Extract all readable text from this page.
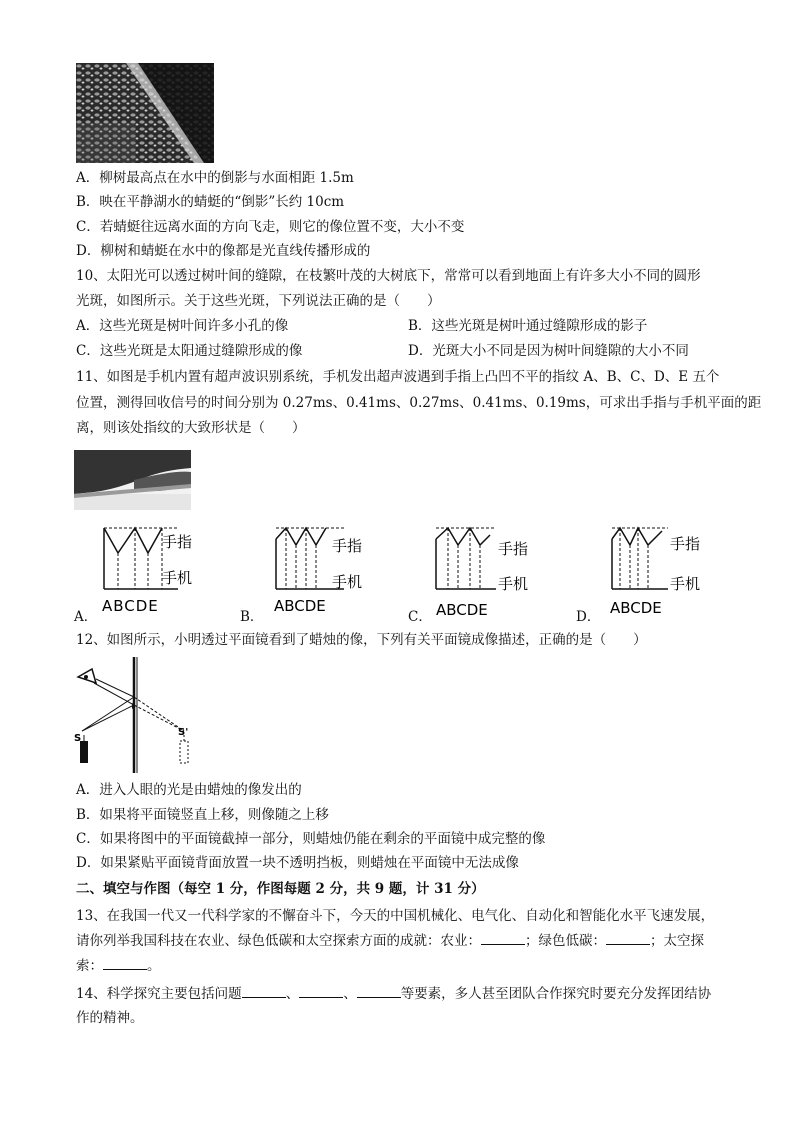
A．柳树最高点在水中的倒影与水面相距 1.5m
B．映在平静湖水的蜻蜓的“倒影”长约 10cm
C．若蜻蜓往远离水面的方向飞走，则它的像位置不变，大小不变
D．柳树和蜻蜓在水中的像都是光直线传播形成的
10、太阳光可以透过树叶间的缝隙，在枝繁叶茂的大树底下，常常可以看到地面上有许多大小不同的圆形
光斑，如图所示。关于这些光斑，下列说法正确的是（　　）
A．这些光斑是树叶间许多小孔的像	B．这些光斑是树叶通过缝隙形成的影子
C．这些光斑是太阳通过缝隙形成的像	D．光斑大小不同是因为树叶间缝隙的大小不同
11、如图是手机内置有超声波识别系统，手机发出超声波遇到手指上凸凹不平的指纹 A、B、C、D、E 五个
位置，测得回收信号的时间分别为 0.27ms、0.41ms、0.27ms、0.41ms、0.19ms，可求出手指与手机平面的距
离，则该处指纹的大致形状是（　　）
手指
手机
ABCDE
A．
手指
手机
ABCDE
B．
手指
手机
ABCDE
C．
手指
手机
ABCDE
D．
12、如图所示，小明透过平面镜看到了蜡烛的像，下列有关平面镜成像描述，正确的是（　　）
S
S'
A．进入人眼的光是由蜡烛的像发出的
B．如果将平面镜竖直上移，则像随之上移
C．如果将图中的平面镜截掉一部分，则蜡烛仍能在剩余的平面镜中成完整的像
D．如果紧贴平面镜背面放置一块不透明挡板，则蜡烛在平面镜中无法成像
二、填空与作图（每空 1 分，作图每题 2 分，共 9 题，计 31 分）
13、在我国一代又一代科学家的不懈奋斗下，今天的中国机械化、电气化、自动化和智能化水平飞速发展，
请你列举我国科技在农业、绿色低碳和太空探索方面的成就：农业：	；绿色低碳：	；太空探
索：	。
14、科学探究主要包括问题	、	、	等要素，多人甚至团队合作探究时要充分发挥团结协
作的精神。
